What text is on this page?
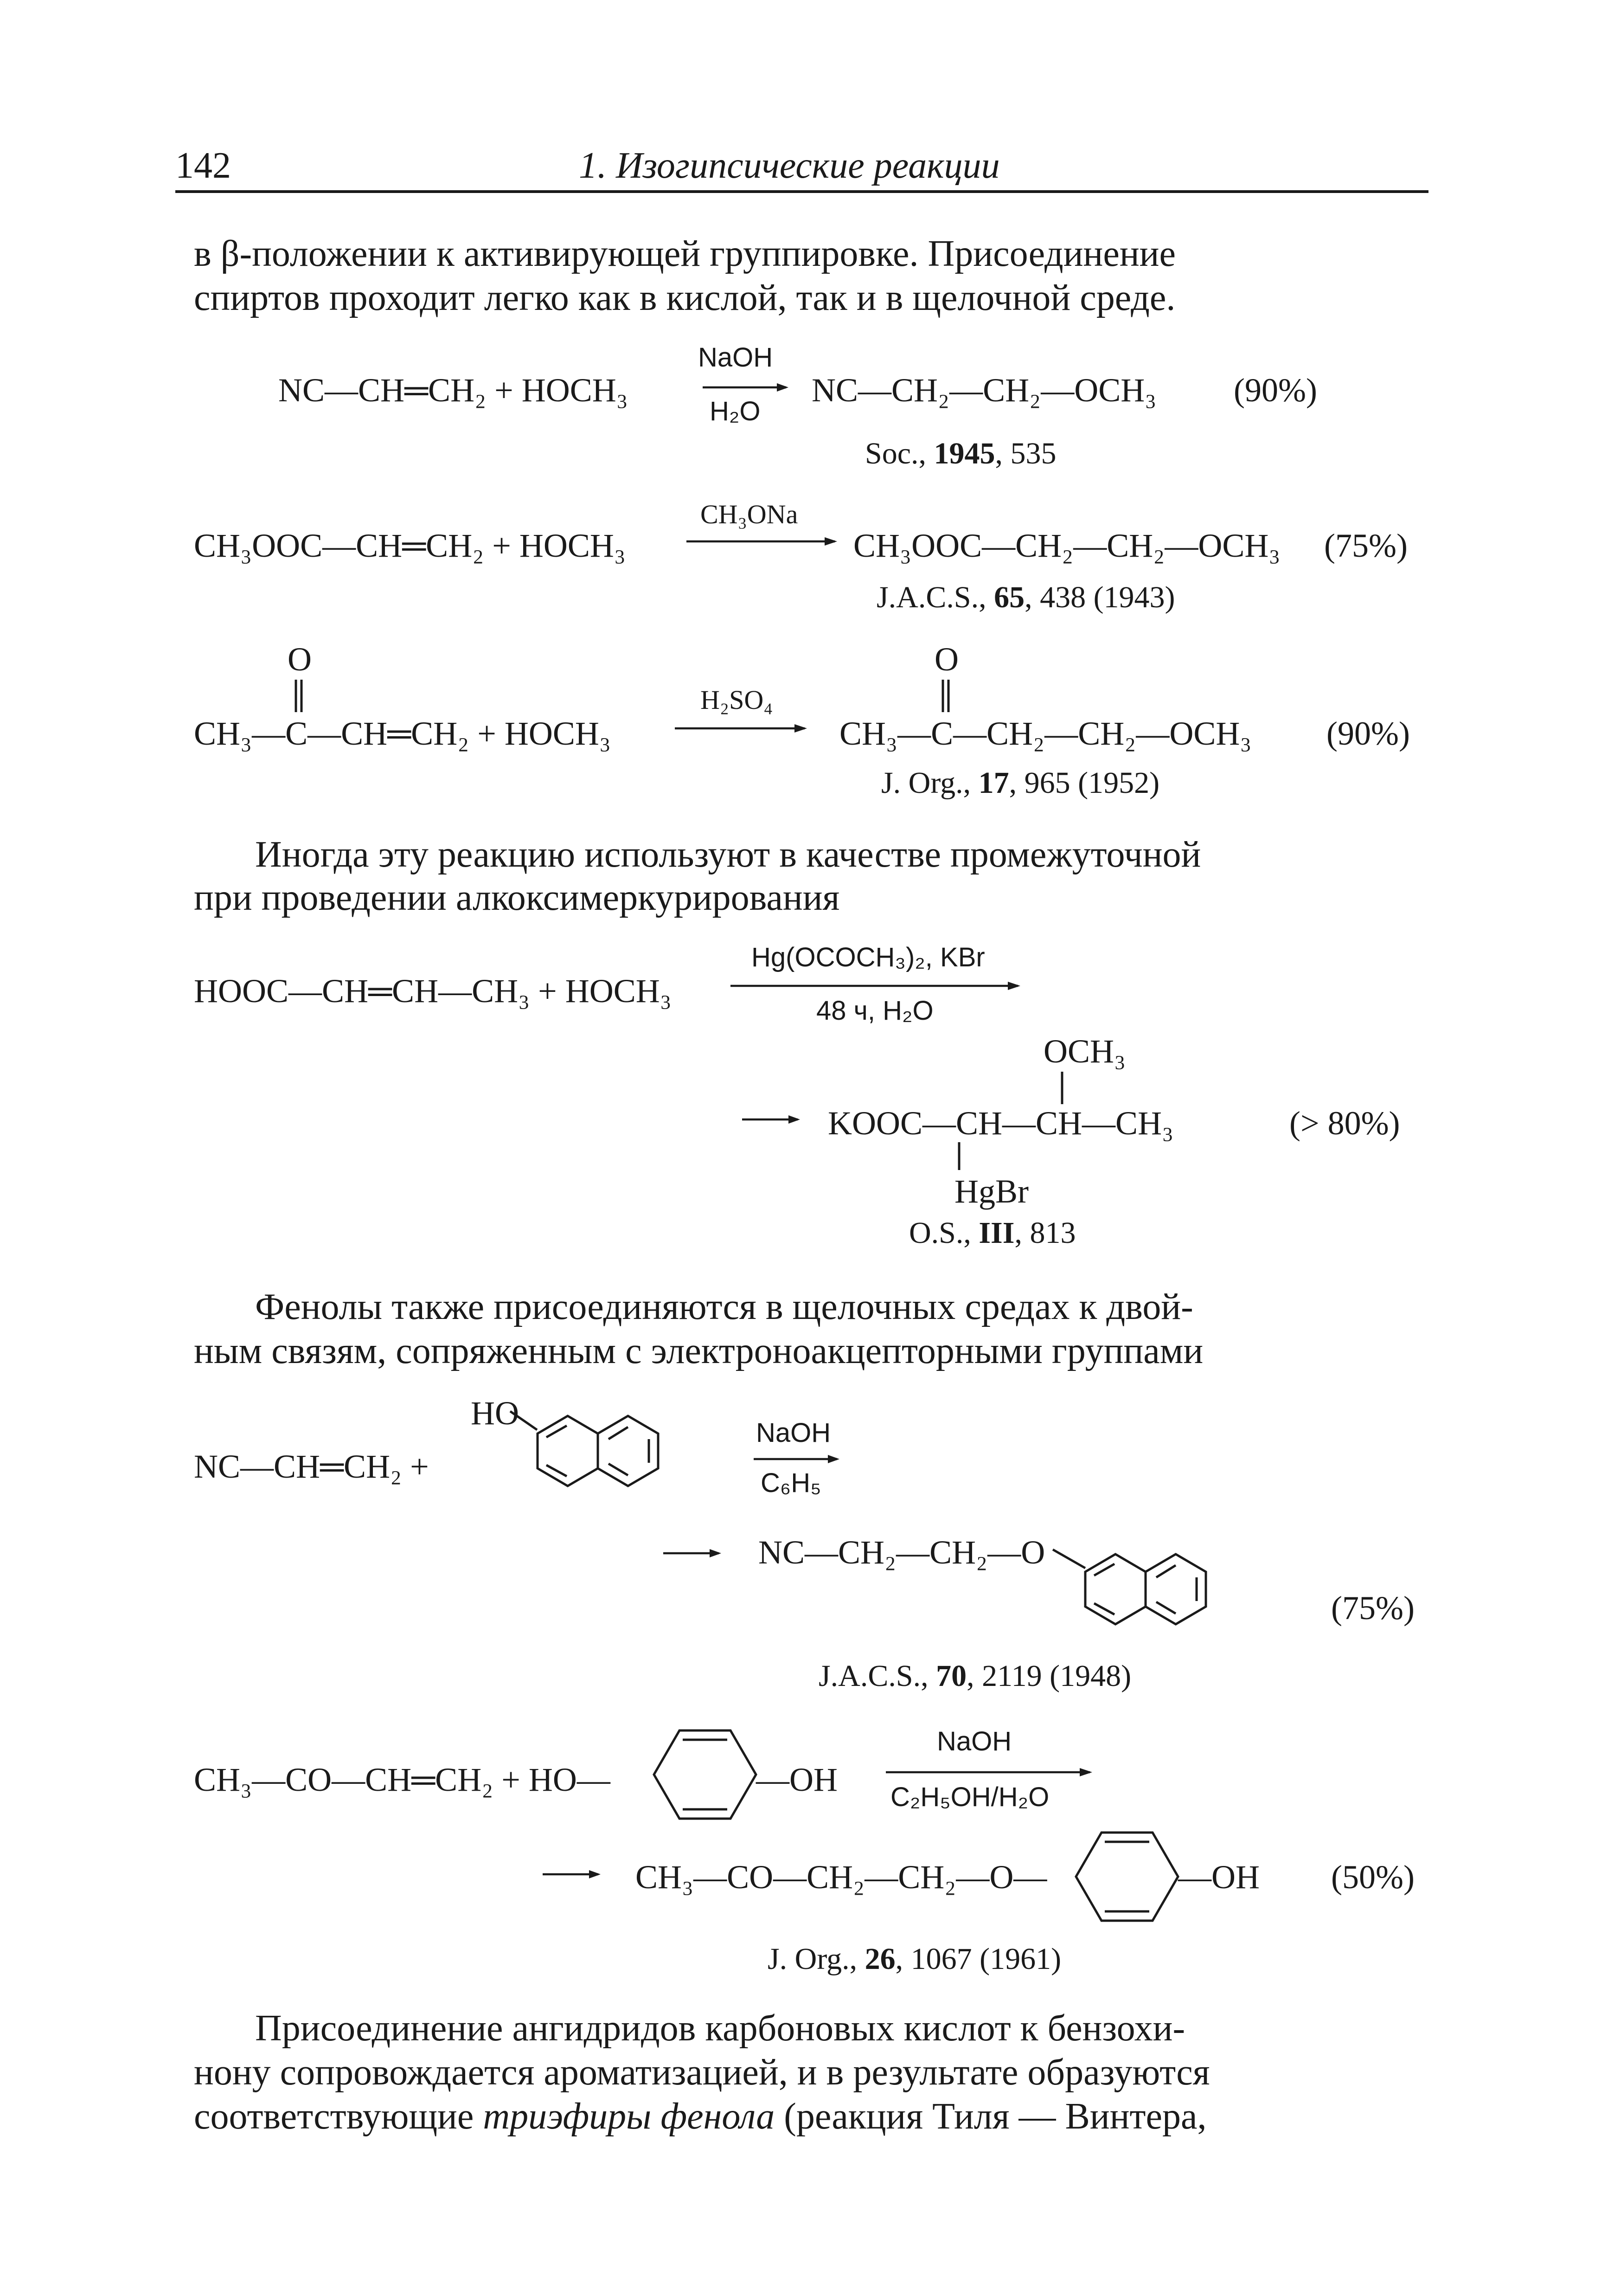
142	1. Изогипсические реакции
в β-положении к активирующей группировке. Присоединение
спиртов проходит легко как в кислой, так и в щелочной среде.
NC—CH═CH₂ + HOCH₃
NaOH
H₂O
NC—CH₂—CH₂—OCH₃ (90%)
Soc., 1945, 535
CH₃ONa
CH₃OOC—CH═CH₂ + HOCH₃	CH₃OOC—CH₂—CH₂—OCH₃ (75%)
J.A.C.S., 65, 438 (1943)
O
CH₃—C—CH═CH₂ + HOCH₃
H₂SO₄
O
CH₃—C—CH₂—CH₂—OCH₃ (90%)
J. Org., 17, 965 (1952)
Иногда эту реакцию используют в качестве промежуточной
при проведении алкоксимеркурирования
Hg(OCOCH₃)₂, KBr
HOOC—CH═CH—CH₃ + HOCH₃
48 ч, H₂O
OCH₃
KOOC—CH—CH—CH₃
HgBr
(> 80%)
O.S., III, 813
Фенолы также присоединяются в щелочных средах к двой-
ным связям, сопряженным с электроноакцепторными группами
NC—CH═CH₂ +
HO
NaOH
C₆H₅
NC—CH₂—CH₂—O
(75%)
J.A.C.S., 70, 2119 (1948)
CH₃—CO—CH═CH₂ + HO—	—OH
NaOH
C₂H₅OH/H₂O
CH₃—CO—CH₂—CH₂—O—	—OH (50%)
J. Org., 26, 1067 (1961)
Присоединение ангидридов карбоновых кислот к бензохи-
нону сопровождается ароматизацией, и в результате образуются
соответствующие триэфиры фенола (реакция Тиля — Винтера,
